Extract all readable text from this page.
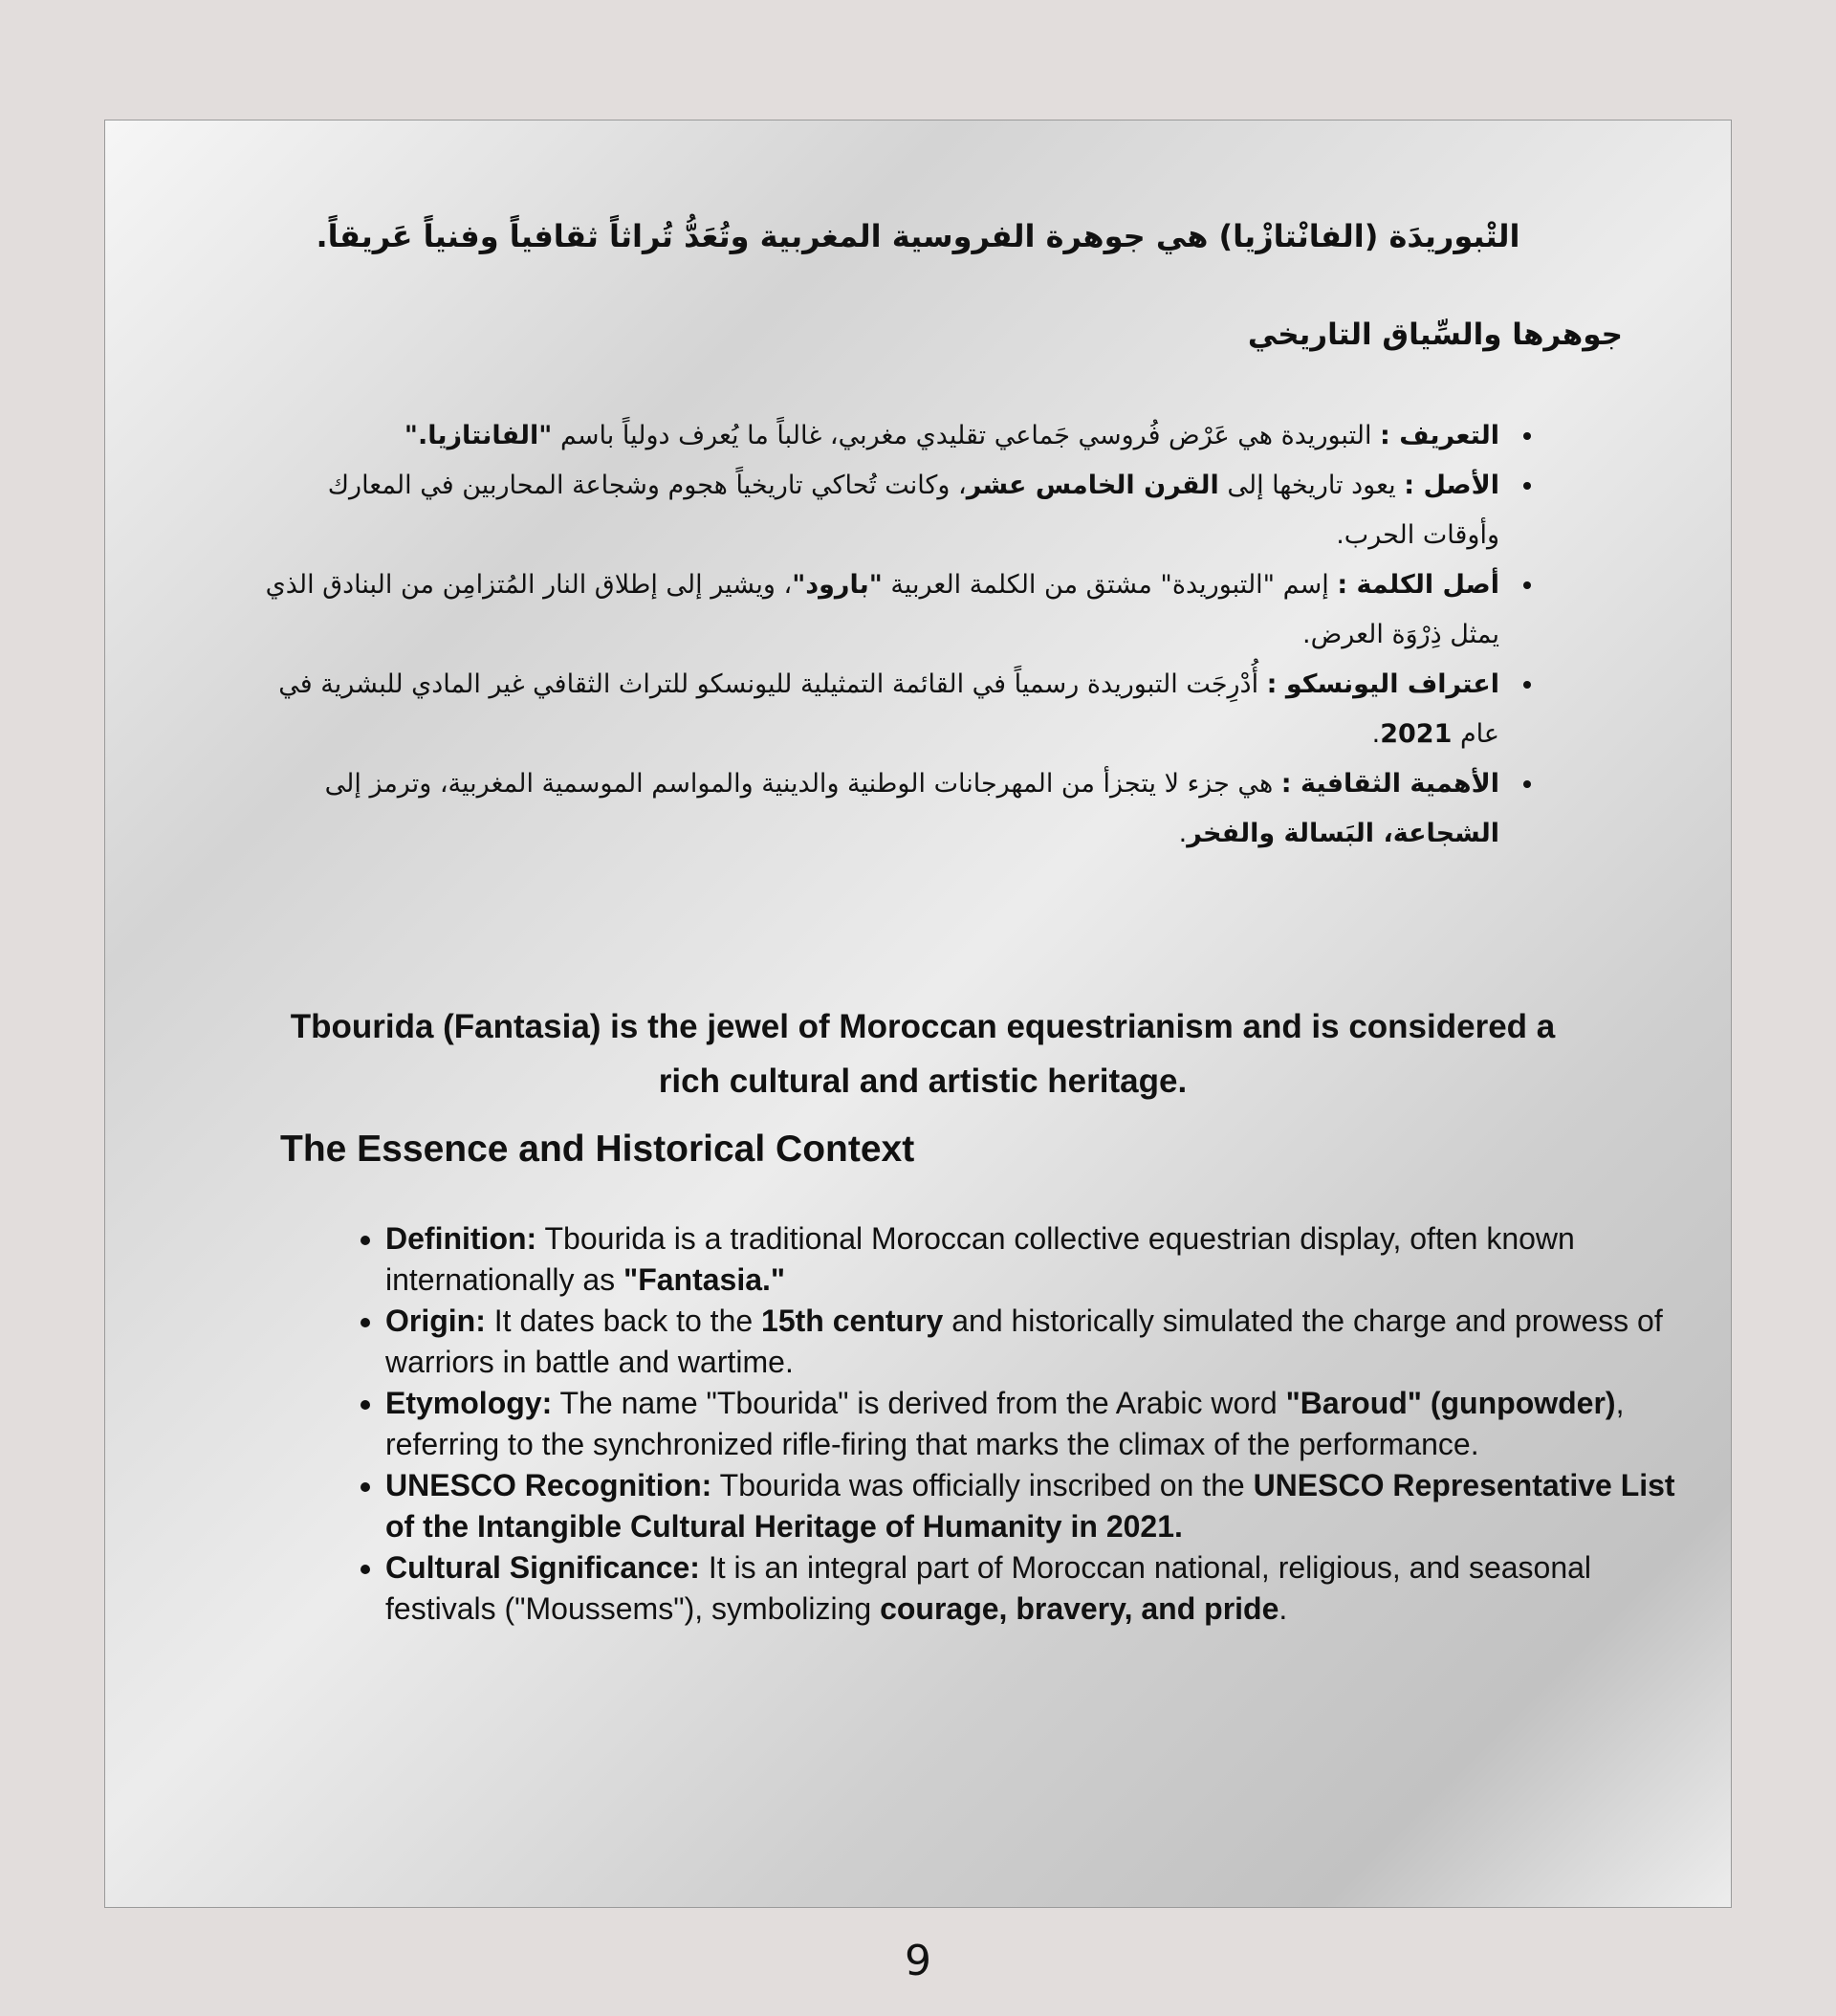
التْبوريدَة (الفانْتازْيا) هي جوهرة الفروسية المغربية وتُعَدُّ تُراثاً ثقافياً وفنياً عَريقاً.
جوهرها والسِّياق التاريخي
• التعريف : التبوريدة هي عَرْض فُروسي جَماعي تقليدي مغربي، غالباً ما يُعرف دولياً باسم "الفانتازيا."
• الأصل : يعود تاريخها إلى القرن الخامس عشر، وكانت تُحاكي تاريخياً هجوم وشجاعة المحاربين في المعارك وأوقات الحرب.
• أصل الكلمة : إسم "التبوريدة" مشتق من الكلمة العربية "بارود"، ويشير إلى إطلاق النار المُتزامِن من البنادق الذي يمثل ذِرْوَة العرض.
• اعتراف اليونسكو : أُدْرِجَت التبوريدة رسمياً في القائمة التمثيلية لليونسكو للتراث الثقافي غير المادي للبشرية في عام 2021.
• الأهمية الثقافية : هي جزء لا يتجزأ من المهرجانات الوطنية والدينية والمواسم الموسمية المغربية، وترمز إلى الشجاعة، البَسالة والفخر.
Tbourida (Fantasia) is the jewel of Moroccan equestrianism and is considered a rich cultural and artistic heritage.
The Essence and Historical Context
• Definition: Tbourida is a traditional Moroccan collective equestrian display, often known internationally as "Fantasia."
• Origin: It dates back to the 15th century and historically simulated the charge and prowess of warriors in battle and wartime.
• Etymology: The name "Tbourida" is derived from the Arabic word "Baroud" (gunpowder), referring to the synchronized rifle-firing that marks the climax of the performance.
• UNESCO Recognition: Tbourida was officially inscribed on the UNESCO Representative List of the Intangible Cultural Heritage of Humanity in 2021.
• Cultural Significance: It is an integral part of Moroccan national, religious, and seasonal festivals ("Moussems"), symbolizing courage, bravery, and pride.
9
